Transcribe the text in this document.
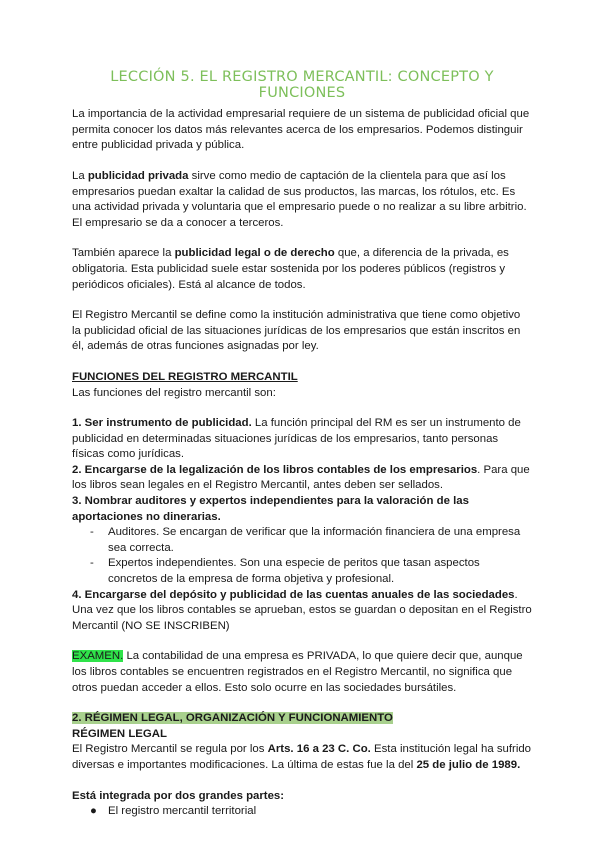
LECCIÓN 5. EL REGISTRO MERCANTIL: CONCEPTO Y FUNCIONES

La importancia de la actividad empresarial requiere de un sistema de publicidad oficial que permita conocer los datos más relevantes acerca de los empresarios. Podemos distinguir entre publicidad privada y pública.

La publicidad privada sirve como medio de captación de la clientela para que así los empresarios puedan exaltar la calidad de sus productos, las marcas, los rótulos, etc. Es una actividad privada y voluntaria que el empresario puede o no realizar a su libre arbitrio. El empresario se da a conocer a terceros.

También aparece la publicidad legal o de derecho que, a diferencia de la privada, es obligatoria. Esta publicidad suele estar sostenida por los poderes públicos (registros y periódicos oficiales). Está al alcance de todos.

El Registro Mercantil se define como la institución administrativa que tiene como objetivo la publicidad oficial de las situaciones jurídicas de los empresarios que están inscritos en él, además de otras funciones asignadas por ley.

FUNCIONES DEL REGISTRO MERCANTIL

Las funciones del registro mercantil son:

1. Ser instrumento de publicidad. La función principal del RM es ser un instrumento de publicidad en determinadas situaciones jurídicas de los empresarios, tanto personas físicas como jurídicas.

2. Encargarse de la legalización de los libros contables de los empresarios. Para que los libros sean legales en el Registro Mercantil, antes deben ser sellados.

3. Nombrar auditores y expertos independientes para la valoración de las aportaciones no dinerarias.

-	Auditores. Se encargan de verificar que la información financiera de una empresa sea correcta.
-	Expertos independientes. Son una especie de peritos que tasan aspectos concretos de la empresa de forma objetiva y profesional.

4. Encargarse del depósito y publicidad de las cuentas anuales de las sociedades. Una vez que los libros contables se aprueban, estos se guardan o depositan en el Registro Mercantil (NO SE INSCRIBEN)

EXAMEN. La contabilidad de una empresa es PRIVADA, lo que quiere decir que, aunque los libros contables se encuentren registrados en el Registro Mercantil, no significa que otros puedan acceder a ellos. Esto solo ocurre en las sociedades bursátiles.

2. RÉGIMEN LEGAL, ORGANIZACIÓN Y FUNCIONAMIENTO

RÉGIMEN LEGAL

El Registro Mercantil se regula por los Arts. 16 a 23 C. Co. Esta institución legal ha sufrido diversas e importantes modificaciones. La última de estas fue la del 25 de julio de 1989.

Está integrada por dos grandes partes:

● El registro mercantil territorial
